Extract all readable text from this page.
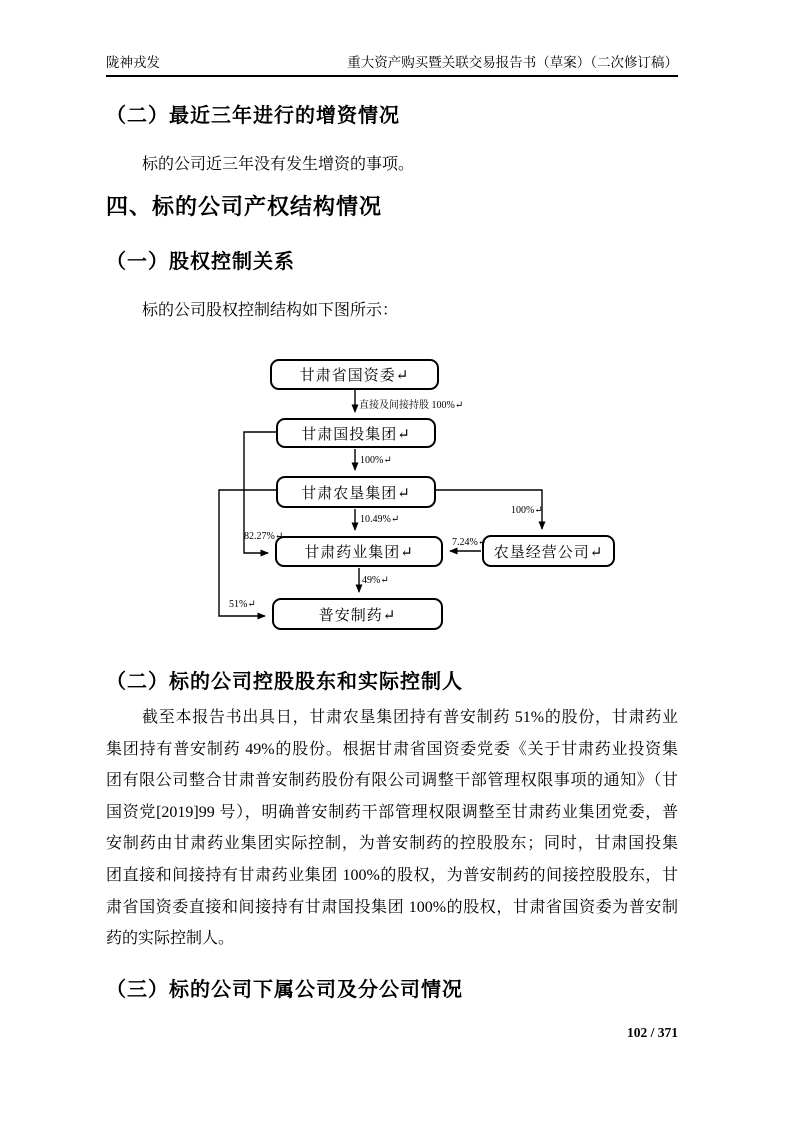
陇神戎发	重大资产购买暨关联交易报告书（草案）（二次修订稿）
（二）最近三年进行的增资情况
标的公司近三年没有发生增资的事项。
四、标的公司产权结构情况
（一）股权控制关系
标的公司股权控制结构如下图所示：
甘肃省国资委↵
甘肃国投集团↵
甘肃农垦集团↵
甘肃药业集团↵	农垦经营公司↵
普安制药↵
直接及间接持股 100%↵
100%↵
10.49%↵
49%↵
100%↵
7.24%↵
82.27%↵
51%↵
（二）标的公司控股股东和实际控制人
截至本报告书出具日，甘肃农垦集团持有普安制药 51%的股份，甘肃药业
集团持有普安制药 49%的股份。根据甘肃省国资委党委《关于甘肃药业投资集
团有限公司整合甘肃普安制药股份有限公司调整干部管理权限事项的通知》（甘
国资党[2019]99 号），明确普安制药干部管理权限调整至甘肃药业集团党委，普
安制药由甘肃药业集团实际控制，为普安制药的控股股东；同时，甘肃国投集
团直接和间接持有甘肃药业集团 100%的股权，为普安制药的间接控股股东，甘
肃省国资委直接和间接持有甘肃国投集团 100%的股权，甘肃省国资委为普安制
药的实际控制人。
（三）标的公司下属公司及分公司情况
102 / 371
